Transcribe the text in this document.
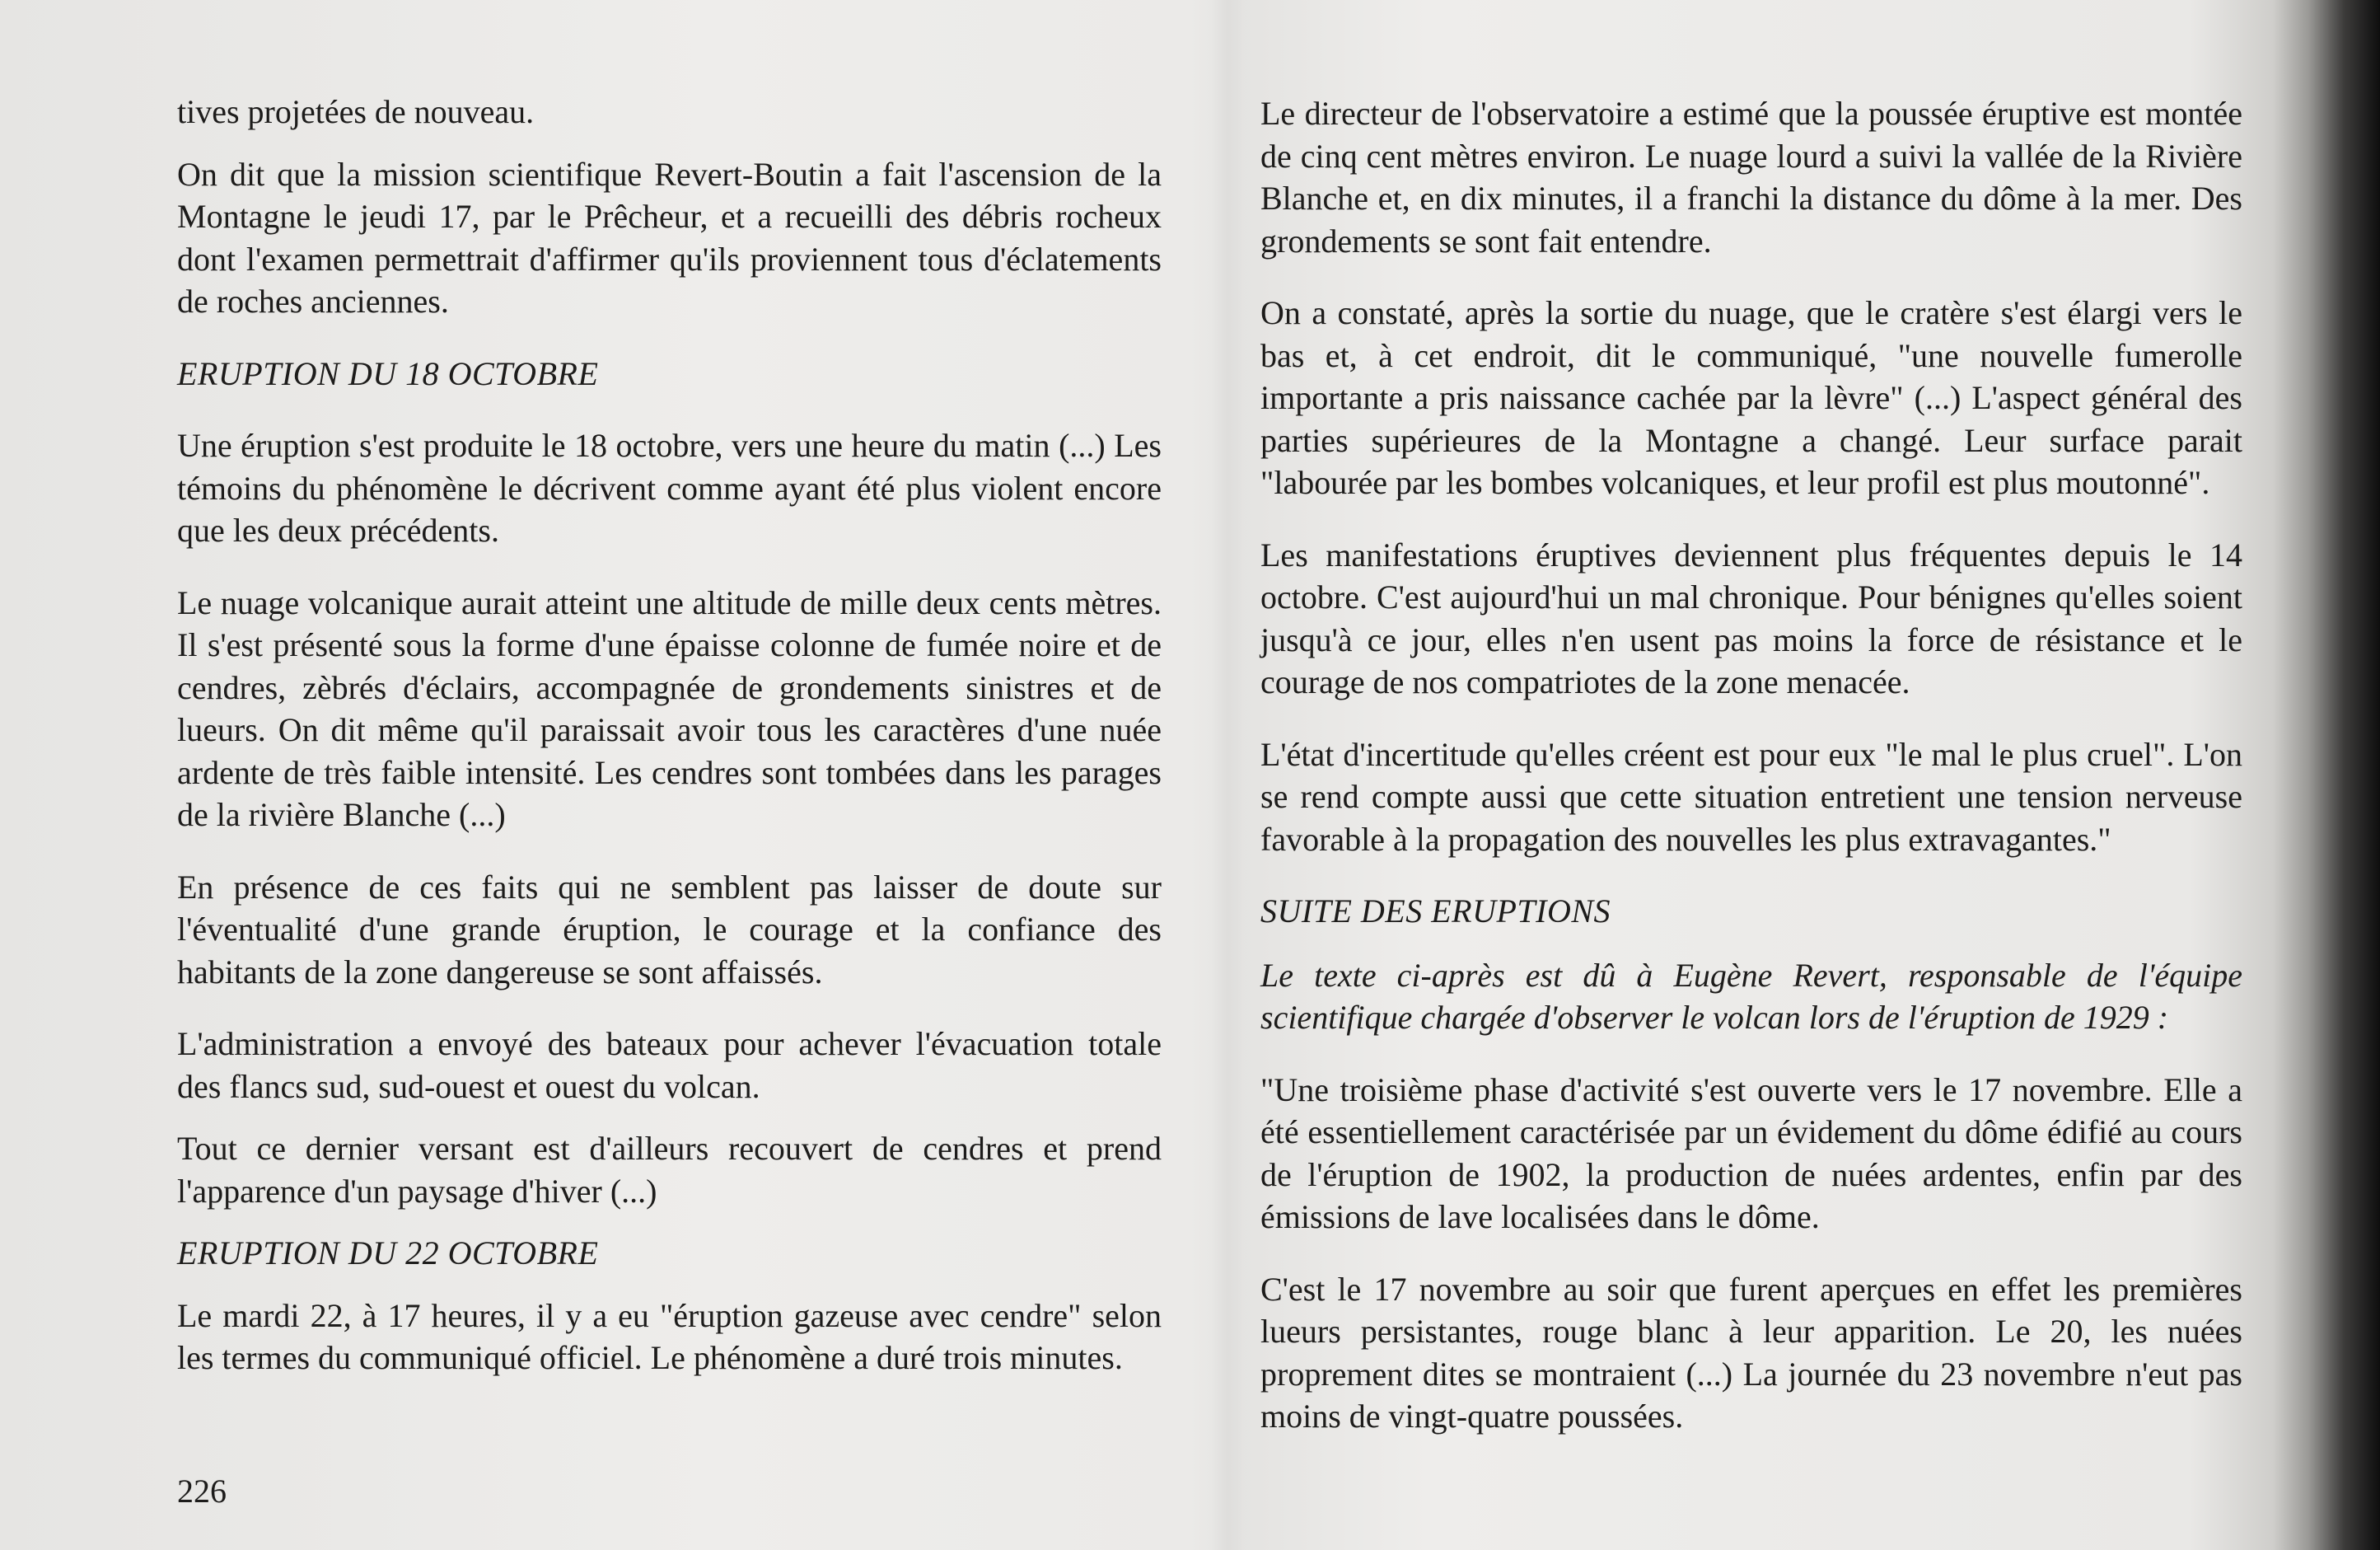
tives projetées de nouveau.

On dit que la mission scientifique Revert-Boutin a fait l'ascension de la Montagne le jeudi 17, par le Prêcheur, et a recueilli des débris rocheux dont l'examen permettrait d'affirmer qu'ils proviennent tous d'éclatements de roches anciennes.

ERUPTION DU 18 OCTOBRE

Une éruption s'est produite le 18 octobre, vers une heure du matin (...) Les témoins du phénomène le décrivent comme ayant été plus violent encore que les deux précédents.

Le nuage volcanique aurait atteint une altitude de mille deux cents mètres. Il s'est présenté sous la forme d'une épaisse colonne de fumée noire et de cendres, zèbrés d'éclairs, accompagnée de grondements sinistres et de lueurs. On dit même qu'il paraissait avoir tous les caractères d'une nuée ardente de très faible intensité. Les cendres sont tombées dans les parages de la rivière Blanche (...)

En présence de ces faits qui ne semblent pas laisser de doute sur l'éventualité d'une grande éruption, le courage et la confiance des habitants de la zone dangereuse se sont affaissés.

L'administration a envoyé des bateaux pour achever l'évacuation totale des flancs sud, sud-ouest et ouest du volcan.

Tout ce dernier versant est d'ailleurs recouvert de cendres et prend l'apparence d'un paysage d'hiver (...)

ERUPTION DU 22 OCTOBRE

Le mardi 22, à 17 heures, il y a eu "éruption gazeuse avec cendre" selon les termes du communiqué officiel. Le phénomène a duré trois minutes.

Le directeur de l'observatoire a estimé que la poussée éruptive est montée de cinq cent mètres environ. Le nuage lourd a suivi la vallée de la Rivière Blanche et, en dix minutes, il a franchi la distance du dôme à la mer. Des grondements se sont fait entendre.

On a constaté, après la sortie du nuage, que le cratère s'est élargi vers le bas et, à cet endroit, dit le communiqué, "une nouvelle fumerolle importante a pris naissance cachée par la lèvre" (...) L'aspect général des parties supérieures de la Montagne a changé. Leur surface parait "labourée par les bombes volcaniques, et leur profil est plus moutonné".

Les manifestations éruptives deviennent plus fréquentes depuis le 14 octobre. C'est aujourd'hui un mal chronique. Pour bénignes qu'elles soient jusqu'à ce jour, elles n'en usent pas moins la force de résistance et le courage de nos compatriotes de la zone menacée.

L'état d'incertitude qu'elles créent est pour eux "le mal le plus cruel". L'on se rend compte aussi que cette situation entretient une tension nerveuse favorable à la propagation des nouvelles les plus extravagantes."

SUITE DES ERUPTIONS

Le texte ci-après est dû à Eugène Revert, responsable de l'équipe scientifique chargée d'observer le volcan lors de l'éruption de 1929 :

"Une troisième phase d'activité s'est ouverte vers le 17 novembre. Elle a été essentiellement caractérisée par un évidement du dôme édifié au cours de l'éruption de 1902, la production de nuées ardentes, enfin par des émissions de lave localisées dans le dôme.

C'est le 17 novembre au soir que furent aperçues en effet les premières lueurs persistantes, rouge blanc à leur apparition. Le 20, les nuées proprement dites se montraient (...) La journée du 23 novembre n'eut pas moins de vingt-quatre poussées.

226
